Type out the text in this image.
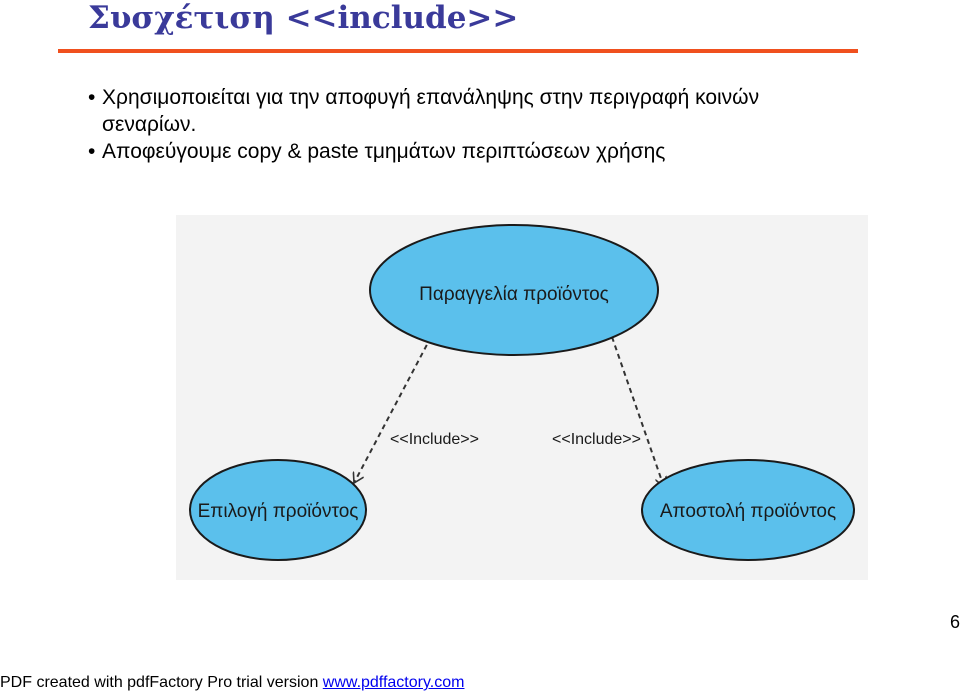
Συσχέτιση <<include>>

• Χρησιμοποιείται για την αποφυγή επανάληψης στην περιγραφή κοινών σεναρίων.

• Αποφεύγουμε copy & paste τμημάτων περιπτώσεων χρήσης

Παραγγελία προϊόντος
Επιλογή προϊόντος	Αποστολή προϊόντος
<<Include>>	<<Include>>
6
PDF created with pdfFactory Pro trial version www.pdffactory.com
